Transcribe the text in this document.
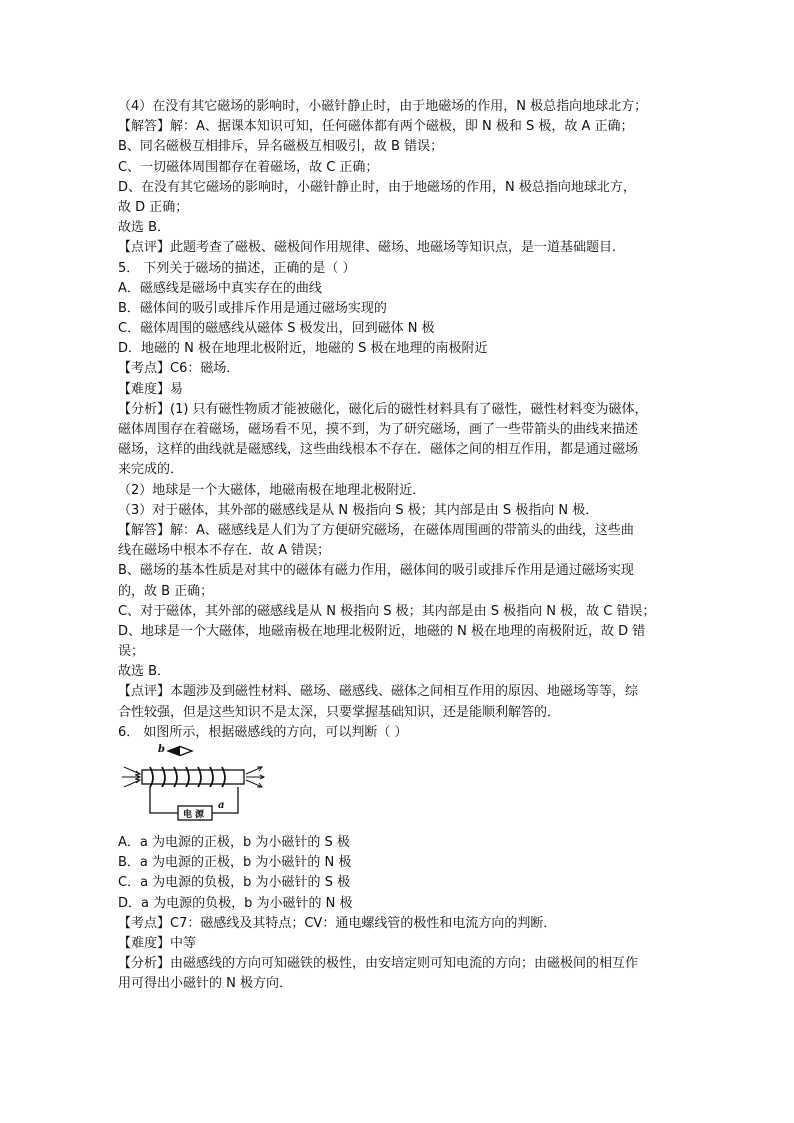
（4）在没有其它磁场的影响时，小磁针静止时，由于地磁场的作用，N 极总指向地球北方；
【解答】解：A、据课本知识可知，任何磁体都有两个磁极，即 N 极和 S 极，故 A 正确；
B、同名磁极互相排斥，异名磁极互相吸引，故 B 错误；
C、一切磁体周围都存在着磁场，故 C 正确；
D、在没有其它磁场的影响时，小磁针静止时，由于地磁场的作用，N 极总指向地球北方，
故 D 正确；
故选 B．
【点评】此题考查了磁极、磁极间作用规律、磁场、地磁场等知识点，是一道基础题目．
5． 下列关于磁场的描述，正确的是（ ）
A．磁感线是磁场中真实存在的曲线
B．磁体间的吸引或排斥作用是通过磁场实现的
C．磁体周围的磁感线从磁体 S 极发出，回到磁体 N 极
D．地磁的 N 极在地理北极附近，地磁的 S 极在地理的南极附近
【考点】C6：磁场．
【难度】易
【分析】(1) 只有磁性物质才能被磁化，磁化后的磁性材料具有了磁性，磁性材料变为磁体，
磁体周围存在着磁场，磁场看不见，摸不到，为了研究磁场，画了一些带箭头的曲线来描述
磁场，这样的曲线就是磁感线，这些曲线根本不存在．磁体之间的相互作用，都是通过磁场
来完成的．
（2）地球是一个大磁体，地磁南极在地理北极附近．
（3）对于磁体，其外部的磁感线是从 N 极指向 S 极；其内部是由 S 极指向 N 极．
【解答】解：A、磁感线是人们为了方便研究磁场，在磁体周围画的带箭头的曲线，这些曲
线在磁场中根本不存在．故 A 错误；
B、磁场的基本性质是对其中的磁体有磁力作用，磁体间的吸引或排斥作用是通过磁场实现
的，故 B 正确；
C、对于磁体，其外部的磁感线是从 N 极指向 S 极；其内部是由 S 极指向 N 极，故 C 错误；
D、地球是一个大磁体，地磁南极在地理北极附近，地磁的 N 极在地理的南极附近，故 D 错
误；
故选 B．
【点评】本题涉及到磁性材料、磁场、磁感线、磁体之间相互作用的原因、地磁场等等，综
合性较强，但是这些知识不是太深，只要掌握基础知识，还是能顺利解答的．
6． 如图所示，根据磁感线的方向，可以判断（ ）
b
电源
a
A．a 为电源的正极，b 为小磁针的 S 极
B．a 为电源的正极，b 为小磁针的 N 极
C．a 为电源的负极，b 为小磁针的 S 极
D．a 为电源的负极，b 为小磁针的 N 极
【考点】C7：磁感线及其特点；CV：通电螺线管的极性和电流方向的判断．
【难度】中等
【分析】由磁感线的方向可知磁铁的极性，由安培定则可知电流的方向；由磁极间的相互作
用可得出小磁针的 N 极方向．
